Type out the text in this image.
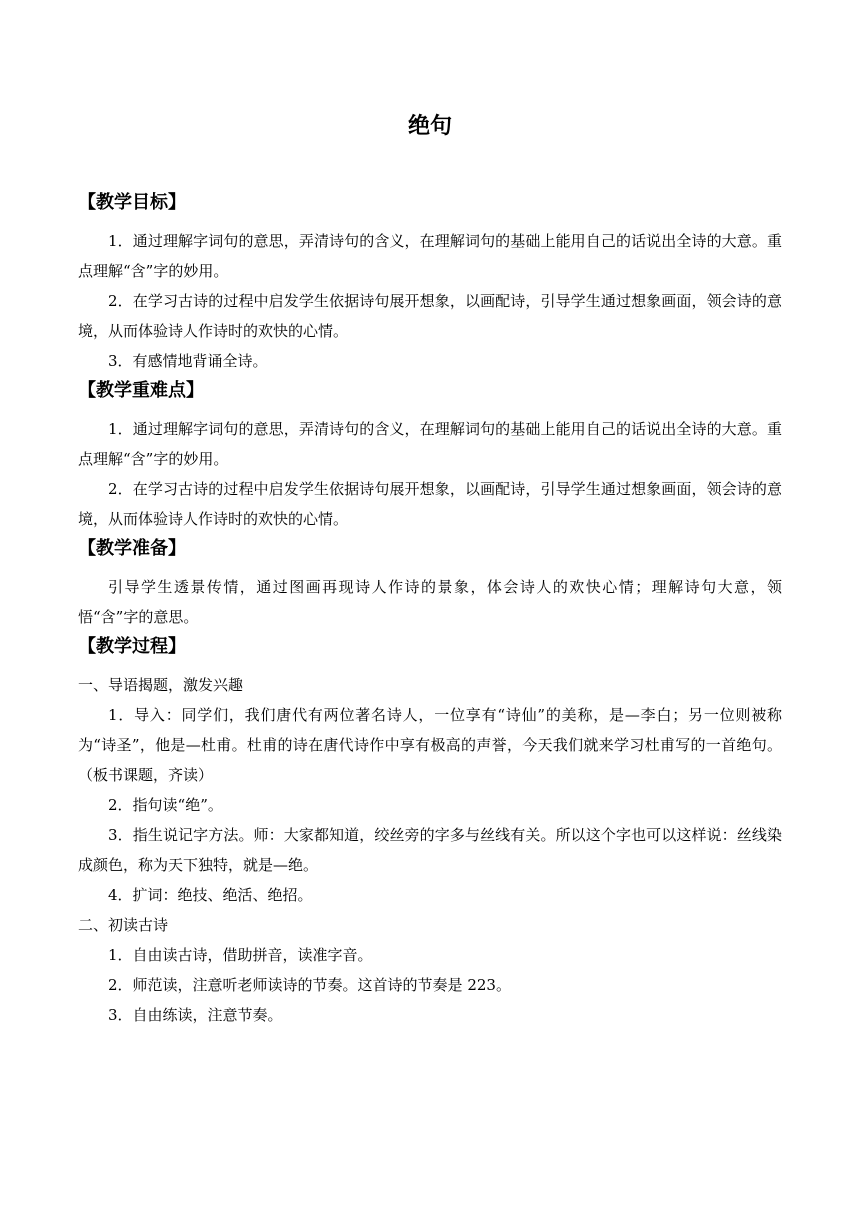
绝句
【教学目标】

1．通过理解字词句的意思，弄清诗句的含义，在理解词句的基础上能用自己的话说出全诗的大意。重点理解“含”字的妙用。

2．在学习古诗的过程中启发学生依据诗句展开想象，以画配诗，引导学生通过想象画面，领会诗的意境，从而体验诗人作诗时的欢快的心情。

3．有感情地背诵全诗。

【教学重难点】

1．通过理解字词句的意思，弄清诗句的含义，在理解词句的基础上能用自己的话说出全诗的大意。重点理解“含”字的妙用。

2．在学习古诗的过程中启发学生依据诗句展开想象，以画配诗，引导学生通过想象画面，领会诗的意境，从而体验诗人作诗时的欢快的心情。

【教学准备】

引导学生透景传情，通过图画再现诗人作诗的景象，体会诗人的欢快心情；理解诗句大意，领悟“含”字的意思。

【教学过程】

一、导语揭题，激发兴趣

1．导入：同学们，我们唐代有两位著名诗人，一位享有“诗仙”的美称，是—李白；另一位则被称为“诗圣”，他是—杜甫。杜甫的诗在唐代诗作中享有极高的声誉，今天我们就来学习杜甫写的一首绝句。（板书课题，齐读）

2．指句读“绝”。

3．指生说记字方法。师：大家都知道，绞丝旁的字多与丝线有关。所以这个字也可以这样说：丝线染成颜色，称为天下独特，就是—绝。

4．扩词：绝技、绝活、绝招。

二、初读古诗

1．自由读古诗，借助拼音，读准字音。

2．师范读，注意听老师读诗的节奏。这首诗的节奏是 223。

3．自由练读，注意节奏。
